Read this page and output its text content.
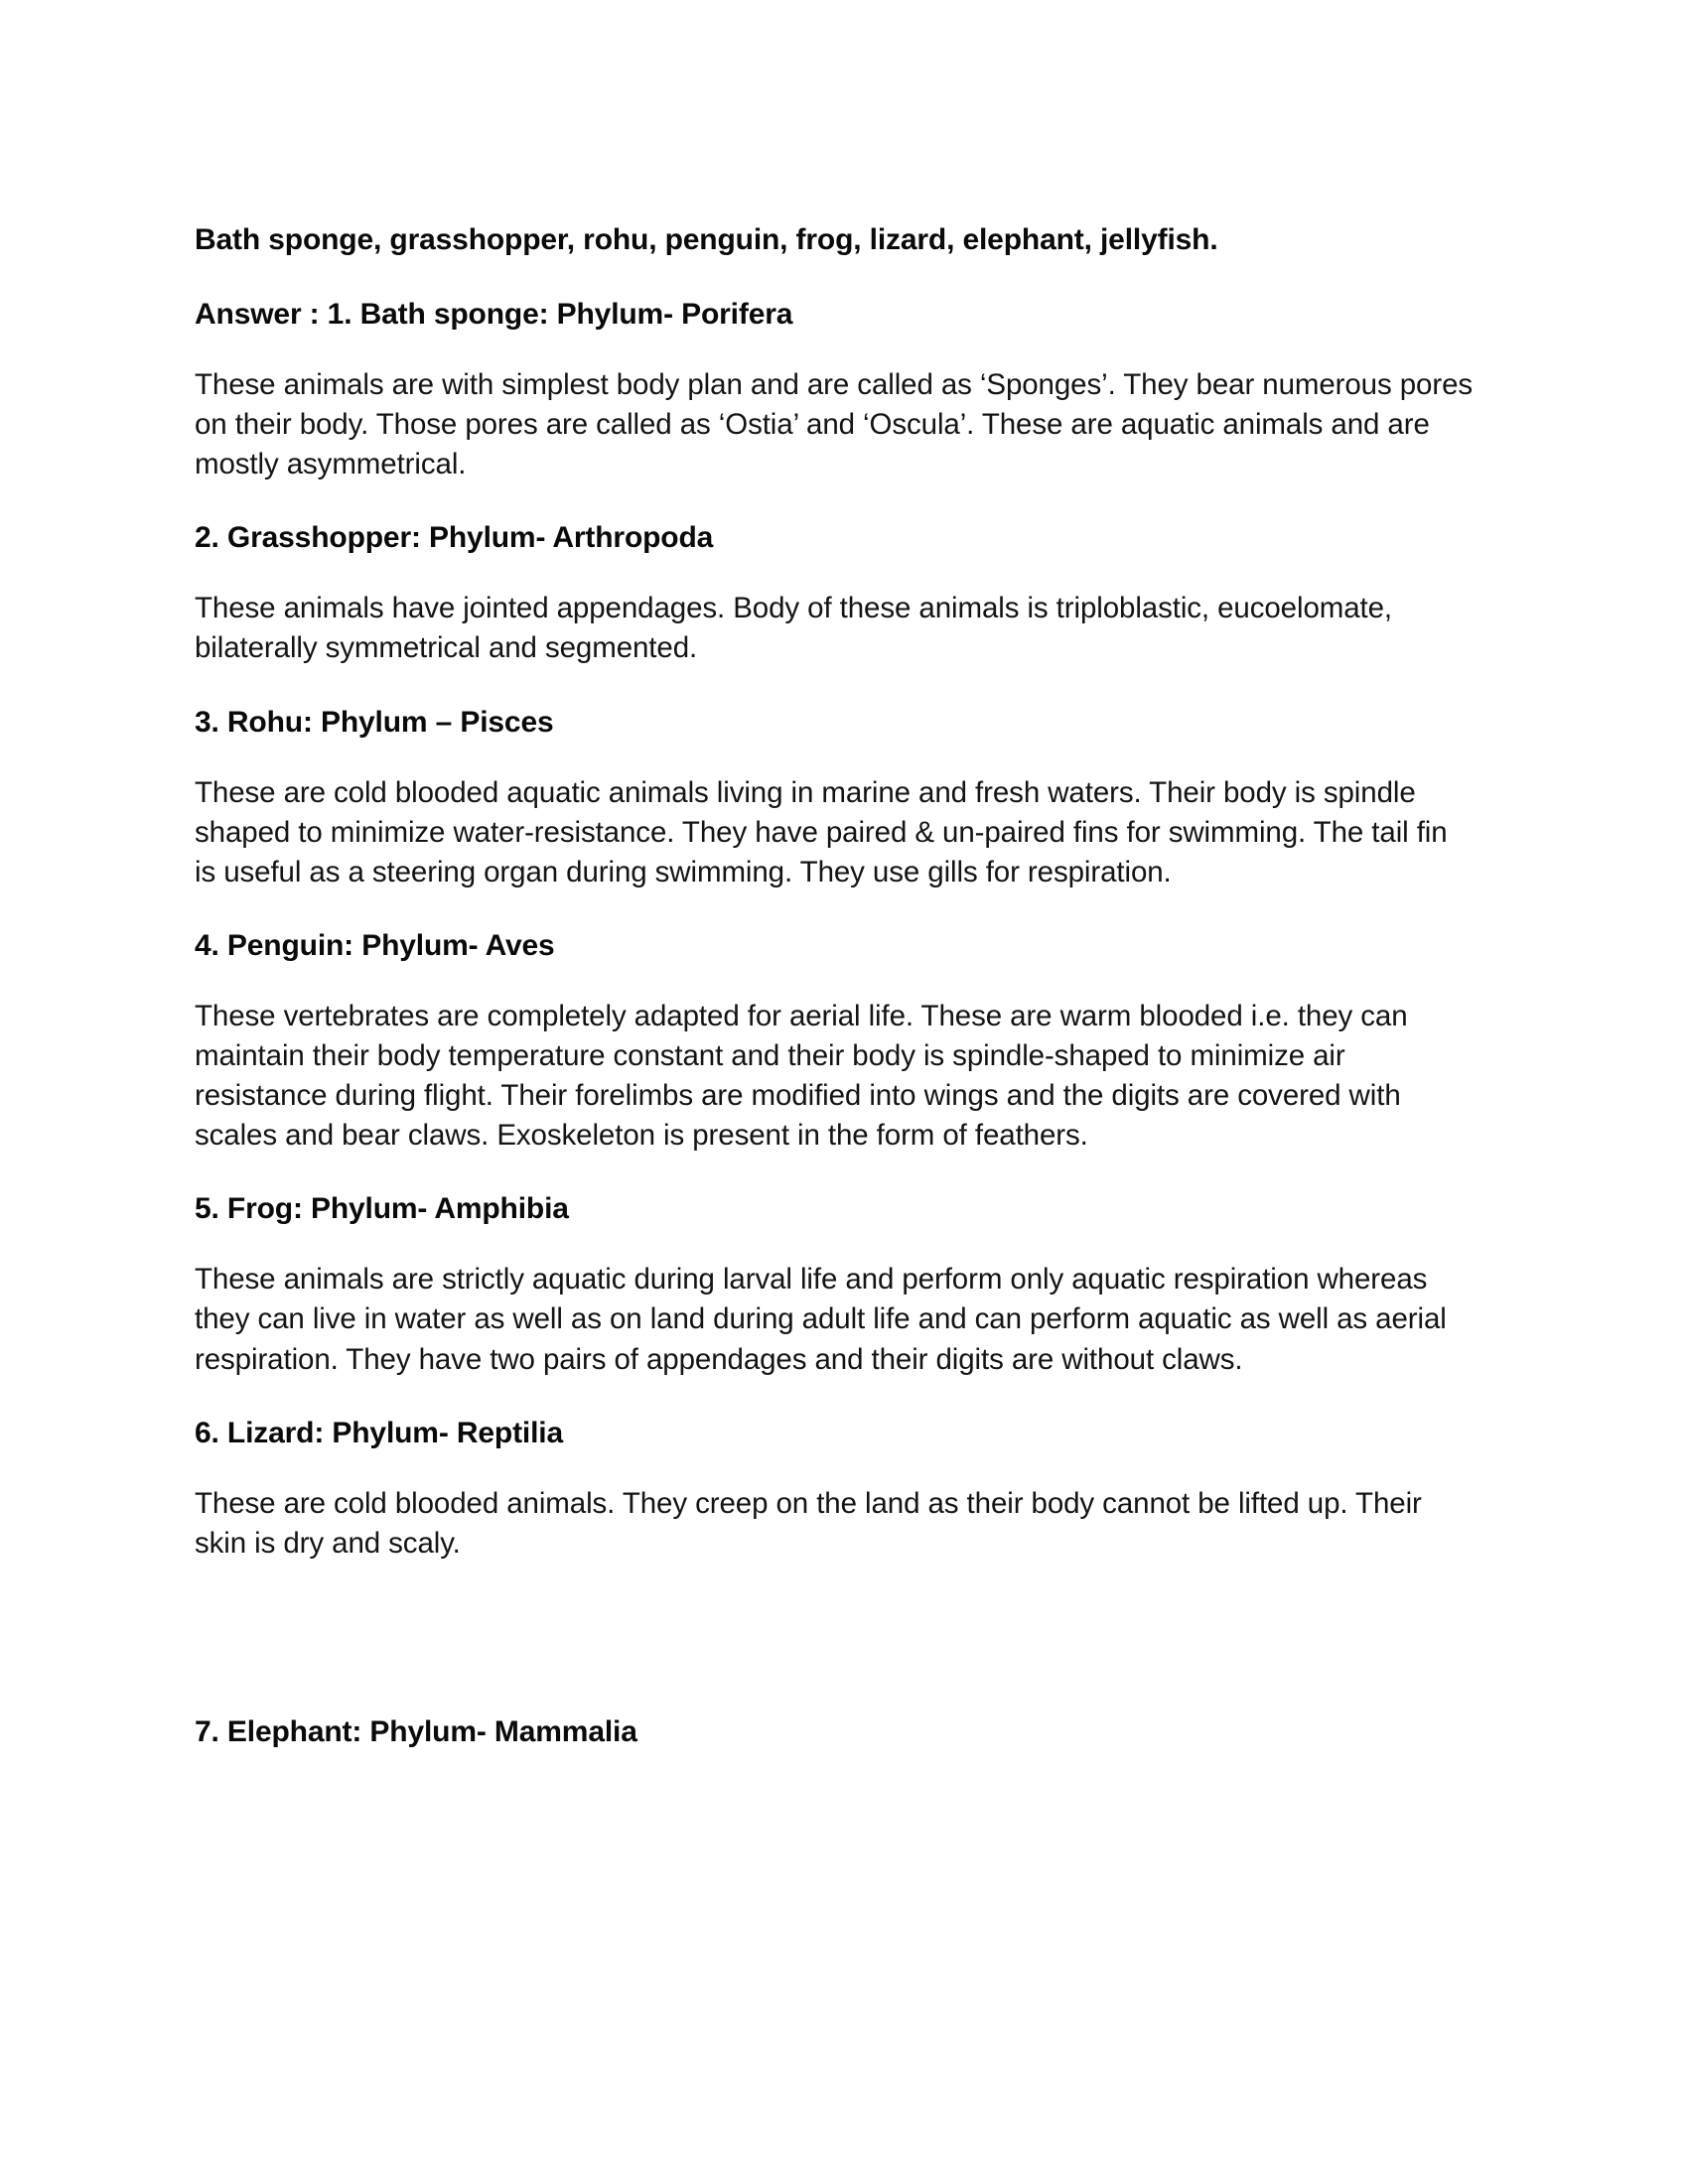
Bath sponge, grasshopper, rohu, penguin, frog, lizard, elephant, jellyfish.

Answer : 1. Bath sponge: Phylum- Porifera

These animals are with simplest body plan and are called as ‘Sponges’. They bear numerous pores on their body. Those pores are called as ‘Ostia’ and ‘Oscula’. These are aquatic animals and are mostly asymmetrical.

2. Grasshopper: Phylum- Arthropoda

These animals have jointed appendages. Body of these animals is triploblastic, eucoelomate, bilaterally symmetrical and segmented.

3. Rohu: Phylum – Pisces

These are cold blooded aquatic animals living in marine and fresh waters. Their body is spindle shaped to minimize water-resistance. They have paired & un-paired fins for swimming. The tail fin is useful as a steering organ during swimming. They use gills for respiration.

4. Penguin: Phylum- Aves

These vertebrates are completely adapted for aerial life. These are warm blooded i.e. they can maintain their body temperature constant and their body is spindle-shaped to minimize air resistance during flight. Their forelimbs are modified into wings and the digits are covered with scales and bear claws. Exoskeleton is present in the form of feathers.

5. Frog: Phylum- Amphibia

These animals are strictly aquatic during larval life and perform only aquatic respiration whereas they can live in water as well as on land during adult life and can perform aquatic as well as aerial respiration. They have two pairs of appendages and their digits are without claws.

6. Lizard: Phylum- Reptilia

These are cold blooded animals. They creep on the land as their body cannot be lifted up. Their skin is dry and scaly.

7. Elephant: Phylum- Mammalia
